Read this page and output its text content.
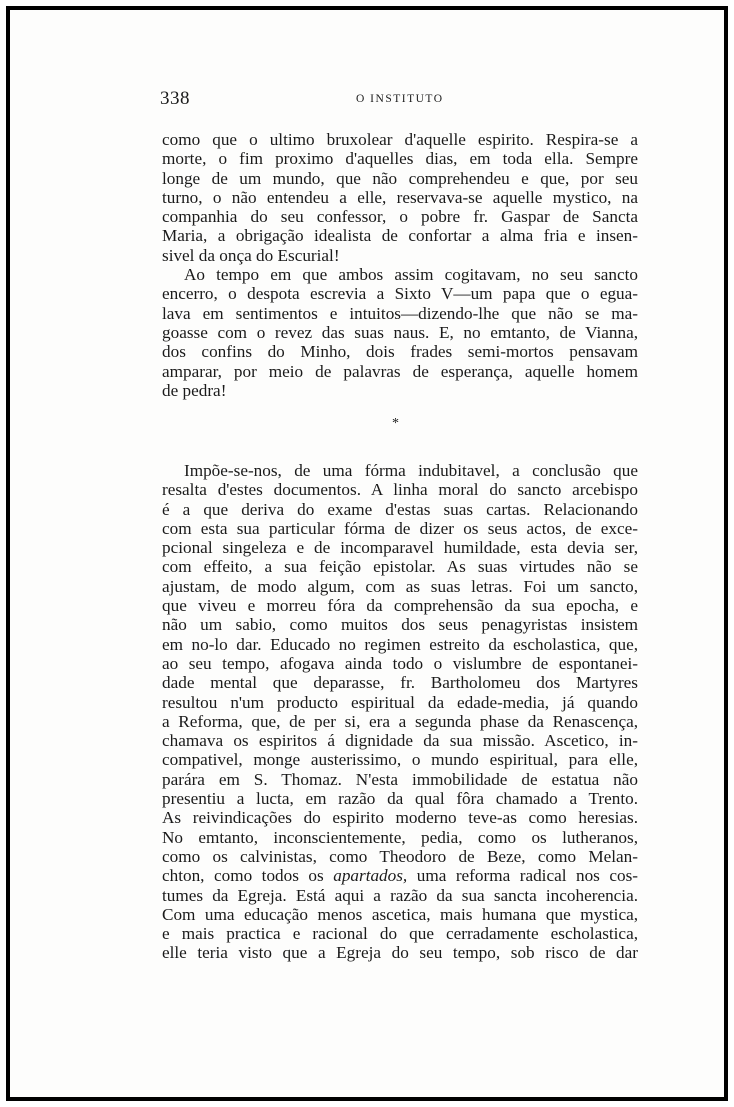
338	O INSTITUTO
como que o ultimo bruxolear d'aquelle espirito. Respira-se a
morte, o fim proximo d'aquelles dias, em toda ella. Sempre
longe de um mundo, que não comprehendeu e que, por seu
turno, o não entendeu a elle, reservava-se aquelle mystico, na
companhia do seu confessor, o pobre fr. Gaspar de Sancta
Maria, a obrigação idealista de confortar a alma fria e insen-
sivel da onça do Escurial!
Ao tempo em que ambos assim cogitavam, no seu sancto
encerro, o despota escrevia a Sixto V—um papa que o egua-
lava em sentimentos e intuitos—dizendo-lhe que não se ma-
goasse com o revez das suas naus. E, no emtanto, de Vianna,
dos confins do Minho, dois frades semi-mortos pensavam
amparar, por meio de palavras de esperança, aquelle homem
de pedra!
*
Impõe-se-nos, de uma fórma indubitavel, a conclusão que
resalta d'estes documentos. A linha moral do sancto arcebispo
é a que deriva do exame d'estas suas cartas. Relacionando
com esta sua particular fórma de dizer os seus actos, de exce-
pcional singeleza e de incomparavel humildade, esta devia ser,
com effeito, a sua feição epistolar. As suas virtudes não se
ajustam, de modo algum, com as suas letras. Foi um sancto,
que viveu e morreu fóra da comprehensão da sua epocha, e
não um sabio, como muitos dos seus penagyristas insistem
em no-lo dar. Educado no regimen estreito da escholastica, que,
ao seu tempo, afogava ainda todo o vislumbre de espontanei-
dade mental que deparasse, fr. Bartholomeu dos Martyres
resultou n'um producto espiritual da edade-media, já quando
a Reforma, que, de per si, era a segunda phase da Renascença,
chamava os espiritos á dignidade da sua missão. Ascetico, in-
compativel, monge austerissimo, o mundo espiritual, para elle,
parára em S. Thomaz. N'esta immobilidade de estatua não
presentiu a lucta, em razão da qual fôra chamado a Trento.
As reivindicações do espirito moderno teve-as como heresias.
No emtanto, inconscientemente, pedia, como os lutheranos,
como os calvinistas, como Theodoro de Beze, como Melan-
chton, como todos os apartados, uma reforma radical nos cos-
tumes da Egreja. Está aqui a razão da sua sancta incoherencia.
Com uma educação menos ascetica, mais humana que mystica,
e mais practica e racional do que cerradamente escholastica,
elle teria visto que a Egreja do seu tempo, sob risco de dar
